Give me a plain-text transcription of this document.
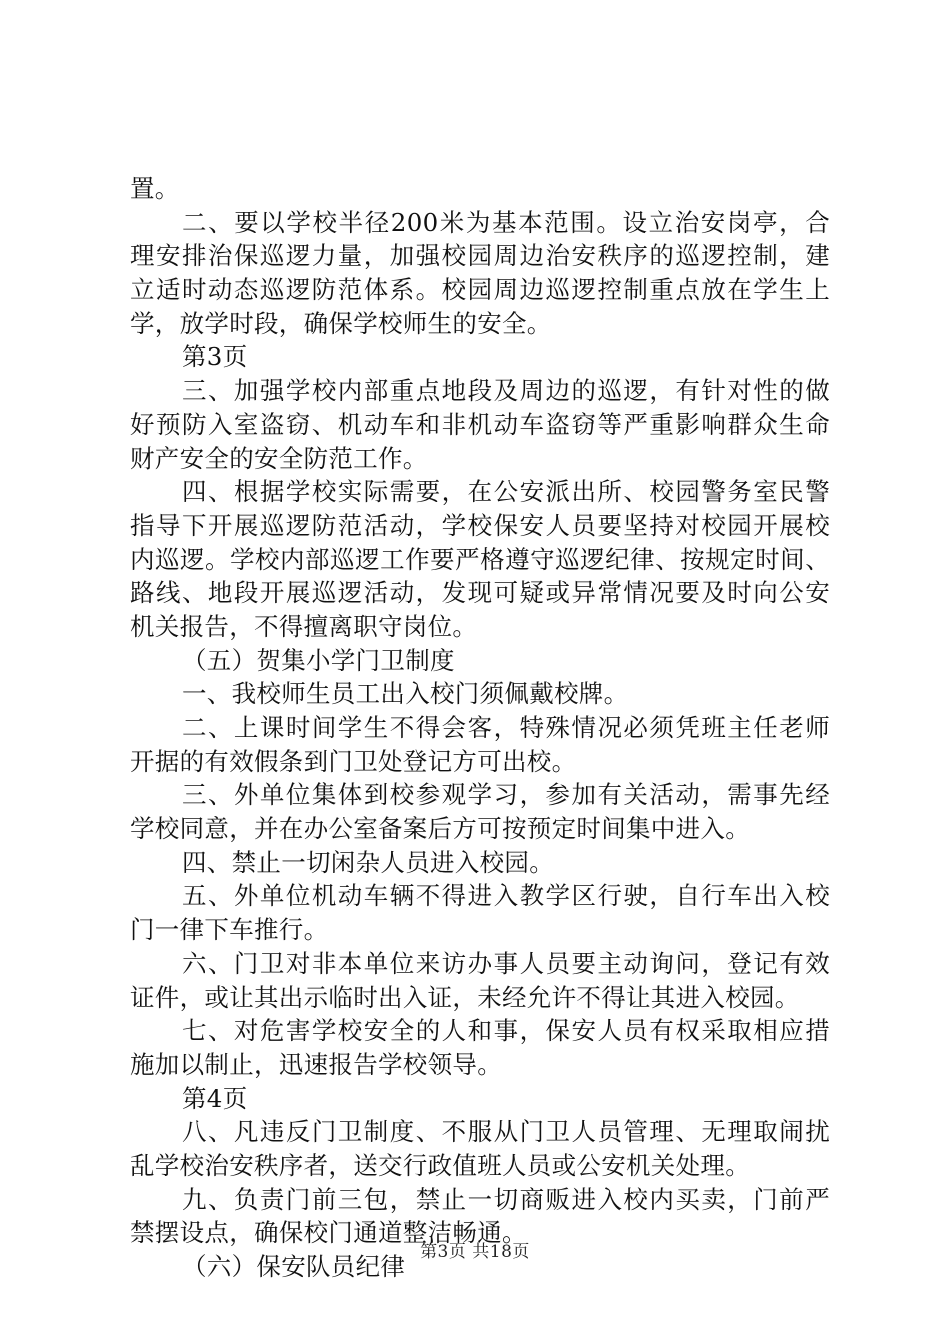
置。
二、要以学校半径200米为基本范围。设立治安岗亭，合
理安排治保巡逻力量，加强校园周边治安秩序的巡逻控制，建
立适时动态巡逻防范体系。校园周边巡逻控制重点放在学生上
学，放学时段，确保学校师生的安全。
第3页
三、加强学校内部重点地段及周边的巡逻，有针对性的做
好预防入室盗窃、机动车和非机动车盗窃等严重影响群众生命
财产安全的安全防范工作。
四、根据学校实际需要，在公安派出所、校园警务室民警
指导下开展巡逻防范活动，学校保安人员要坚持对校园开展校
内巡逻。学校内部巡逻工作要严格遵守巡逻纪律、按规定时间、
路线、地段开展巡逻活动，发现可疑或异常情况要及时向公安
机关报告，不得擅离职守岗位。
（五）贺集小学门卫制度
一、我校师生员工出入校门须佩戴校牌。
二、上课时间学生不得会客，特殊情况必须凭班主任老师
开据的有效假条到门卫处登记方可出校。
三、外单位集体到校参观学习，参加有关活动，需事先经
学校同意，并在办公室备案后方可按预定时间集中进入。
四、禁止一切闲杂人员进入校园。
五、外单位机动车辆不得进入教学区行驶，自行车出入校
门一律下车推行。
六、门卫对非本单位来访办事人员要主动询问，登记有效
证件，或让其出示临时出入证，未经允许不得让其进入校园。
七、对危害学校安全的人和事，保安人员有权采取相应措
施加以制止，迅速报告学校领导。
第4页
八、凡违反门卫制度、不服从门卫人员管理、无理取闹扰
乱学校治安秩序者，送交行政值班人员或公安机关处理。
九、负责门前三包，禁止一切商贩进入校内买卖，门前严
禁摆设点，确保校门通道整洁畅通。
（六）保安队员纪律 第3页 共18页
